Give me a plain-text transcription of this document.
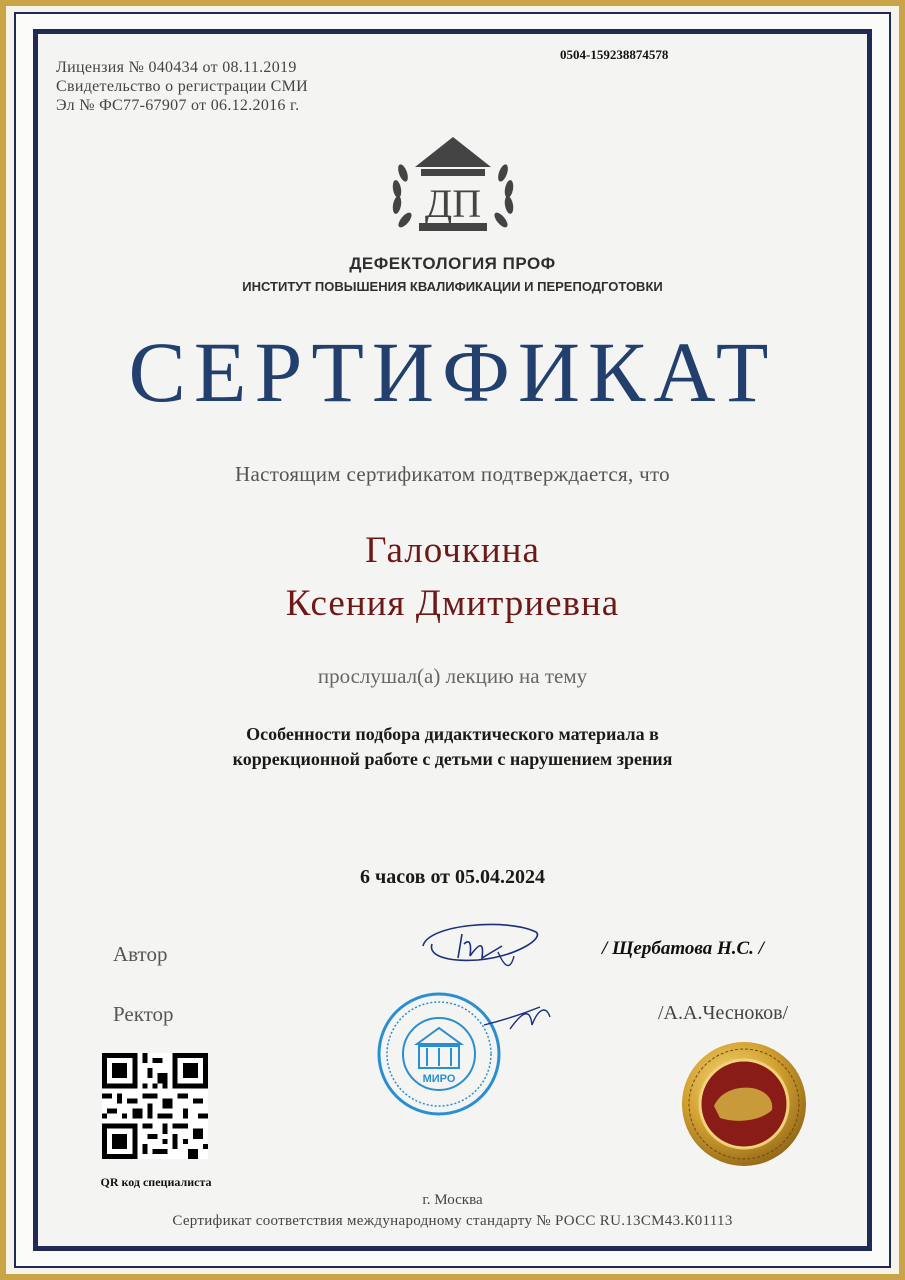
Лицензия № 040434 от 08.11.2019
Свидетельство о регистрации СМИ
Эл № ФС77-67907 от 06.12.2016 г.
0504-159238874578
ДП
ДЕФЕКТОЛОГИЯ ПРОФ
ИНСТИТУТ ПОВЫШЕНИЯ КВАЛИФИКАЦИИ И ПЕРЕПОДГОТОВКИ
СЕРТИФИКАТ
Настоящим сертификатом подтверждается, что
Галочкина
Ксения Дмитриевна
прослушал(а) лекцию на тему
Особенности подбора дидактического материала в
коррекционной работе с детьми с нарушением зрения
6 часов от 05.04.2024
Автор	/ Щербатова Н.С. /
Ректор	/А.А.Чесноков/
МИРО
QR код специалиста
г. Москва
Сертификат соответствия международному стандарту № РОСС RU.13СМ43.К01113
